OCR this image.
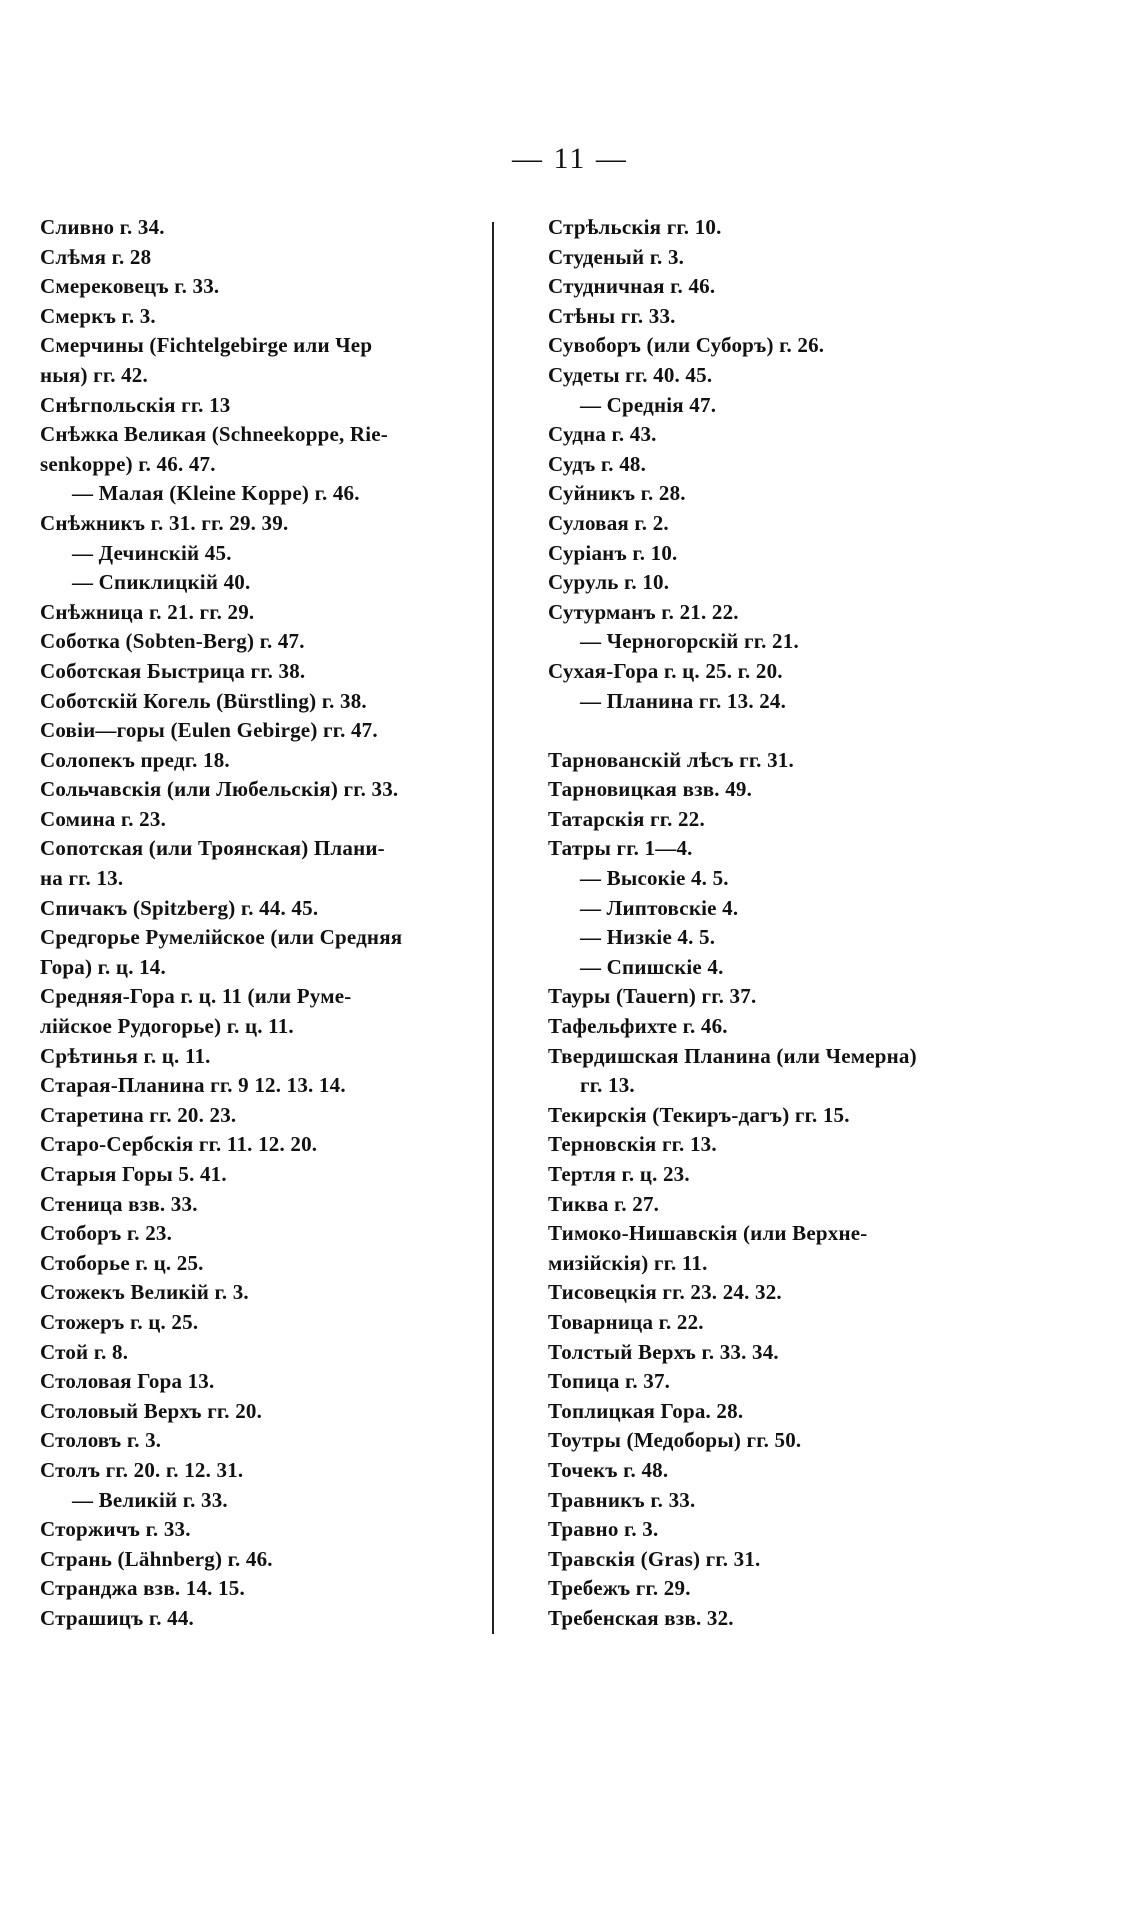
— 11 —
Сливно г. 34.
Слѣмя г. 28
Смерековецъ г. 33.
Смеркъ г. 3.
Смерчины (Fichtelgebirge или Чер
ныя) гг. 42.
Снѣгпольскія гг. 13
Снѣжка Великая (Schneekoppe, Rie-
senkoppe) г. 46. 47.
— Малая (Kleine Koppe) г. 46.
Снѣжникъ г. 31. гг. 29. 39.
— Дечинскій 45.
— Спиклицкій 40.
Снѣжница г. 21. гг. 29.
Соботка (Sobten-Berg) г. 47.
Соботская Быстрица гг. 38.
Соботскій Когель (Bürstling) г. 38.
Совіи—горы (Eulen Gebirge) гг. 47.
Солопекъ предг. 18.
Сольчавскія (или Любельскія) гг. 33.
Сомина г. 23.
Сопотская (или Троянская) Плани-
на гг. 13.
Спичакъ (Spitzberg) г. 44. 45.
Средгорье Румелійское (или Средняя
Гора) г. ц. 14.
Средняя-Гора г. ц. 11 (или Руме-
лійское Рудогорье) г. ц. 11.
Срѣтинья г. ц. 11.
Старая-Планина гг. 9 12. 13. 14.
Старетина гг. 20. 23.
Старо-Сербскія гг. 11. 12. 20.
Старыя Горы 5. 41.
Стеница взв. 33.
Стоборъ г. 23.
Стоборье г. ц. 25.
Стожекъ Великій г. 3.
Стожеръ г. ц. 25.
Стой г. 8.
Столовая Гора 13.
Столовый Верхъ гг. 20.
Столовъ г. 3.
Столъ гг. 20. г. 12. 31.
— Великій г. 33.
Сторжичъ г. 33.
Странь (Lähnberg) г. 46.
Странджа взв. 14. 15.
Страшицъ г. 44.
Стрѣльскія гг. 10.
Студеный г. 3.
Студничная г. 46.
Стѣны гг. 33.
Сувоборъ (или Суборъ) г. 26.
Судеты гг. 40. 45.
— Среднія 47.
Судна г. 43.
Судъ г. 48.
Суйникъ г. 28.
Суловая г. 2.
Суріанъ г. 10.
Суруль г. 10.
Сутурманъ г. 21. 22.
— Черногорскій гг. 21.
Сухая-Гора г. ц. 25. г. 20.
— Планина гг. 13. 24.
Тарнованскій лѣсъ гг. 31.
Тарновицкая взв. 49.
Татарскія гг. 22.
Татры гг. 1—4.
— Высокіе 4. 5.
— Липтовскіе 4.
— Низкіе 4. 5.
— Спишскіе 4.
Тауры (Tauern) гг. 37.
Тафельфихте г. 46.
Твердишская Планина (или Чемерна)
гг. 13.
Текирскія (Текиръ-дагъ) гг. 15.
Терновскія гг. 13.
Тертля г. ц. 23.
Тиква г. 27.
Тимоко-Нишавскія (или Верхне-
мизійскія) гг. 11.
Тисовецкія гг. 23. 24. 32.
Товарница г. 22.
Толстый Верхъ г. 33. 34.
Топица г. 37.
Топлицкая Гора. 28.
Тоутры (Медоборы) гг. 50.
Точекъ г. 48.
Травникъ г. 33.
Травно г. 3.
Травскія (Gras) гг. 31.
Требежъ гг. 29.
Требенская взв. 32.
